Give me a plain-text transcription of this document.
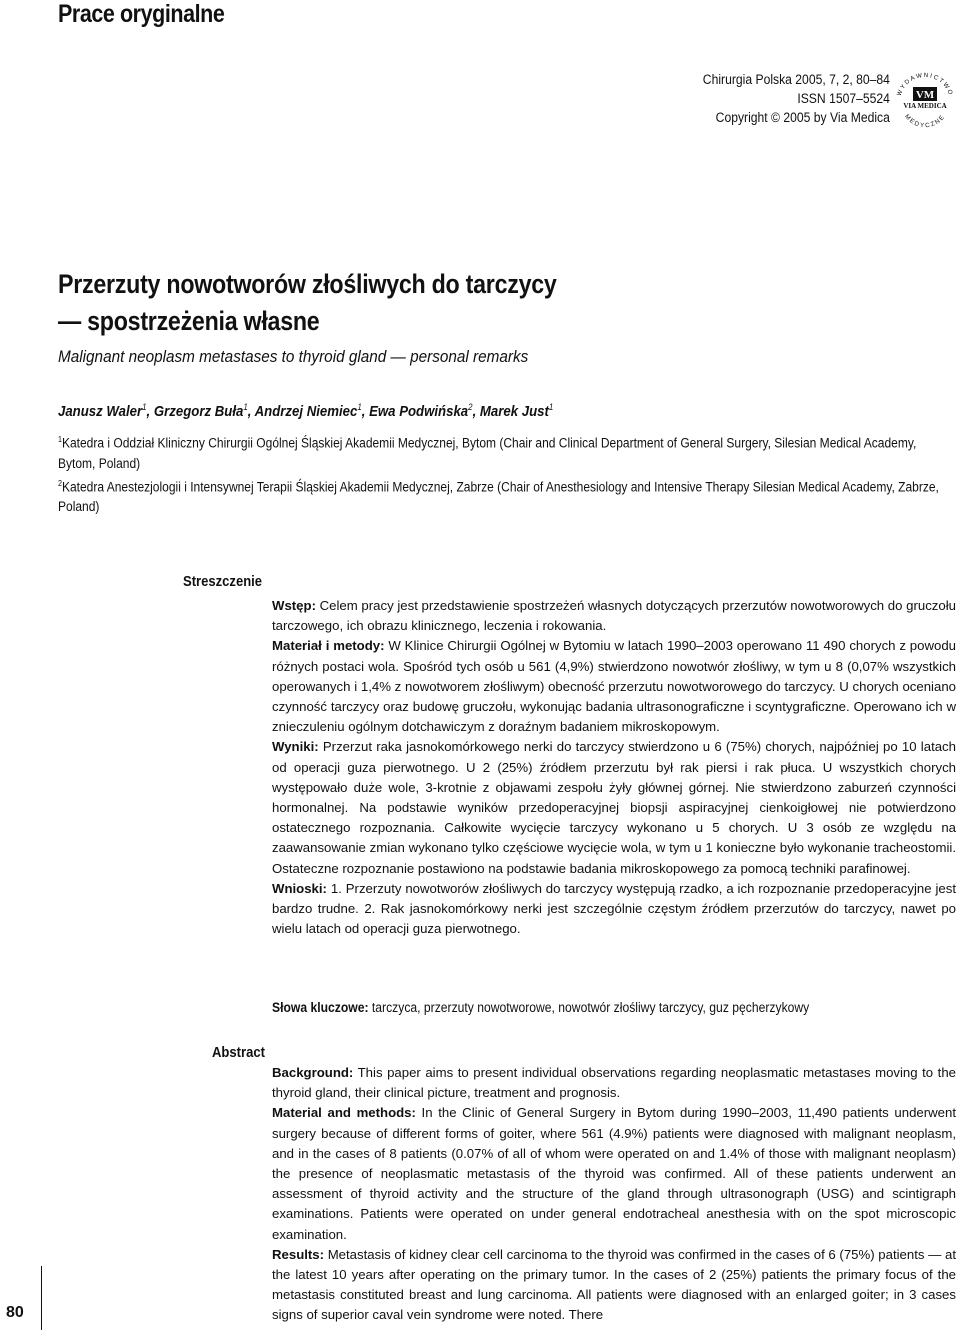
Prace oryginalne
Chirurgia Polska 2005, 7, 2, 80–84
ISSN 1507–5524
Copyright © 2005 by Via Medica
WYDAWNICTWO
MEDYCZNE
VM
VIA MEDICA
Przerzuty nowotworów złośliwych do tarczycy
— spostrzeżenia własne
Malignant neoplasm metastases to thyroid gland — personal remarks
Janusz Waler$^1$, Grzegorz Buła$^1$, Andrzej Niemiec$^1$, Ewa Podwińska$^2$, Marek Just$^1$

$^1$Katedra i Oddział Kliniczny Chirurgii Ogólnej Śląskiej Akademii Medycznej, Bytom (Chair and Clinical Department of General Surgery, Silesian Medical Academy, Bytom, Poland)

$^2$Katedra Anestezjologii i Intensywnej Terapii Śląskiej Akademii Medycznej, Zabrze (Chair of Anesthesiology and Intensive Therapy Silesian Medical Academy, Zabrze, Poland)

Streszczenie

Wstęp: Celem pracy jest przedstawienie spostrzeżeń własnych dotyczących przerzutów nowotworowych do gruczołu tarczowego, ich obrazu klinicznego, leczenia i rokowania.

Materiał i metody: W Klinice Chirurgii Ogólnej w Bytomiu w latach 1990–2003 operowano 11 490 chorych z powodu różnych postaci wola. Spośród tych osób u 561 (4,9%) stwierdzono nowotwór złośliwy, w tym u 8 (0,07% wszystkich operowanych i 1,4% z nowotworem złośliwym) obecność przerzutu nowotworowego do tarczycy. U chorych oceniano czynność tarczycy oraz budowę gruczołu, wykonując badania ultrasonograficzne i scyntygraficzne. Operowano ich w znieczuleniu ogólnym dotchawiczym z doraźnym badaniem mikroskopowym.

Wyniki: Przerzut raka jasnokomórkowego nerki do tarczycy stwierdzono u 6 (75%) chorych, najpóźniej po 10 latach od operacji guza pierwotnego. U 2 (25%) źródłem przerzutu był rak piersi i rak płuca. U wszystkich chorych występowało duże wole, 3-krotnie z objawami zespołu żyły głównej górnej. Nie stwierdzono zaburzeń czynności hormonalnej. Na podstawie wyników przedoperacyjnej biopsji aspiracyjnej cienkoigłowej nie potwierdzono ostatecznego rozpoznania. Całkowite wycięcie tarczycy wykonano u 5 chorych. U 3 osób ze względu na zaawansowanie zmian wykonano tylko częściowe wycięcie wola, w tym u 1 konieczne było wykonanie tracheostomii. Ostateczne rozpoznanie postawiono na podstawie badania mikroskopowego za pomocą techniki parafinowej.

Wnioski: 1. Przerzuty nowotworów złośliwych do tarczycy występują rzadko, a ich rozpoznanie przedoperacyjne jest bardzo trudne. 2. Rak jasnokomórkowy nerki jest szczególnie częstym źródłem przerzutów do tarczycy, nawet po wielu latach od operacji guza pierwotnego.

Słowa kluczowe: tarczyca, przerzuty nowotworowe, nowotwór złośliwy tarczycy, guz pęcherzykowy
Abstract

Background: This paper aims to present individual observations regarding neoplasmatic metastases moving to the thyroid gland, their clinical picture, treatment and prognosis.

Material and methods: In the Clinic of General Surgery in Bytom during 1990–2003, 11,490 patients underwent surgery because of different forms of goiter, where 561 (4.9%) patients were diagnosed with malignant neoplasm, and in the cases of 8 patients (0.07% of all of whom were operated on and 1.4% of those with malignant neoplasm) the presence of neoplasmatic metastasis of the thyroid was confirmed. All of these patients underwent an assessment of thyroid activity and the structure of the gland through ultrasonograph (USG) and scintigraph examinations. Patients were operated on under general endotracheal anesthesia with on the spot microscopic examination.

Results: Metastasis of kidney clear cell carcinoma to the thyroid was confirmed in the cases of 6 (75%) patients — at the latest 10 years after operating on the primary tumor. In the cases of 2 (25%) patients the primary focus of the metastasis constituted breast and lung carcinoma. All patients were diagnosed with an enlarged goiter; in 3 cases signs of superior caval vein syndrome were noted. There

80
